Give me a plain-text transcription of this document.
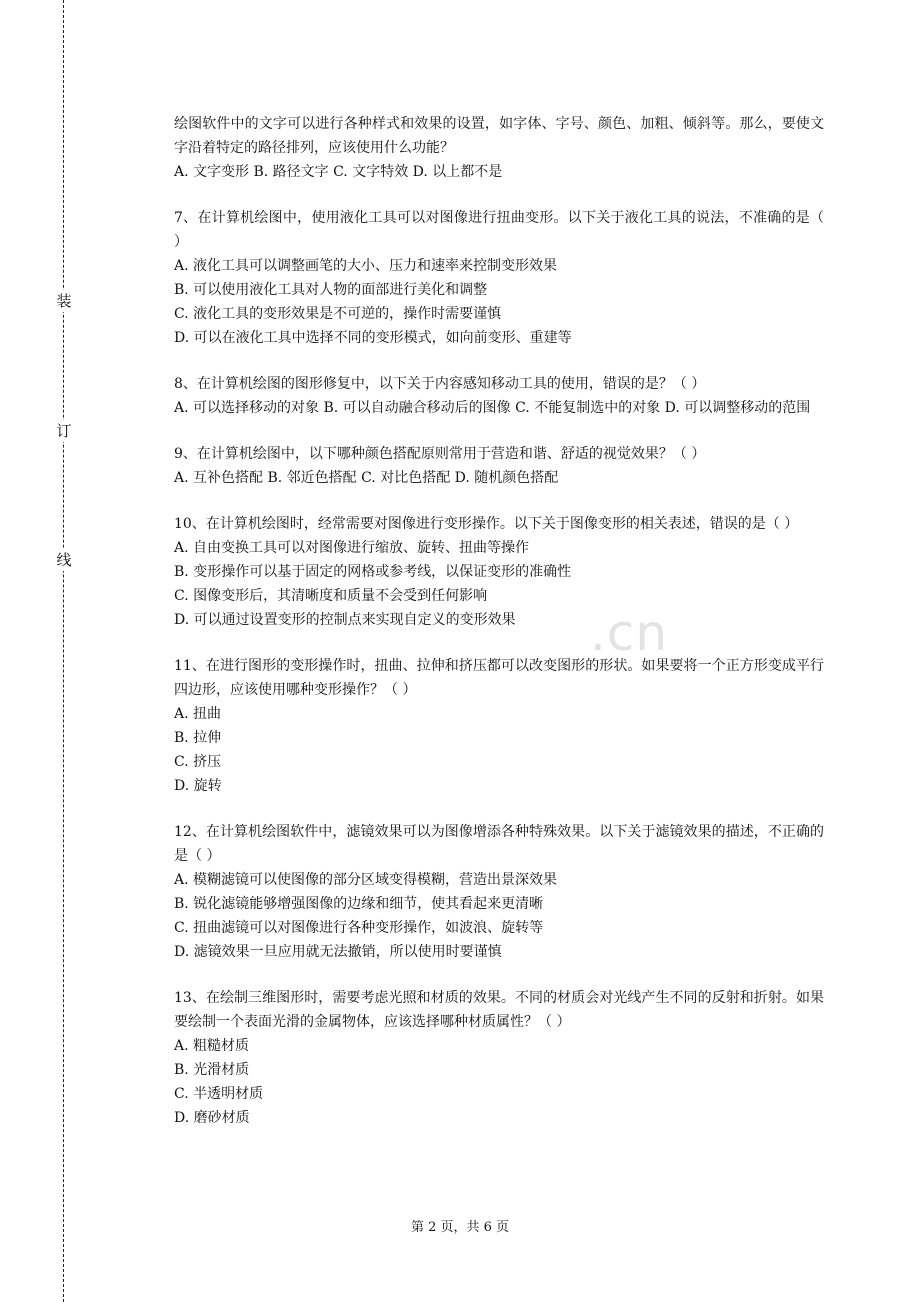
装
订
线
.cn

绘图软件中的文字可以进行各种样式和效果的设置，如字体、字号、颜色、加粗、倾斜等。那么，要使文字沿着特定的路径排列，应该使用什么功能？

A. 文字变形 B. 路径文字 C. 文字特效 D. 以上都不是

7、在计算机绘图中，使用液化工具可以对图像进行扭曲变形。以下关于液化工具的说法，不准确的是（ ）

A. 液化工具可以调整画笔的大小、压力和速率来控制变形效果

B. 可以使用液化工具对人物的面部进行美化和调整

C. 液化工具的变形效果是不可逆的，操作时需要谨慎

D. 可以在液化工具中选择不同的变形模式，如向前变形、重建等

8、在计算机绘图的图形修复中，以下关于内容感知移动工具的使用，错误的是？（ ）

A. 可以选择移动的对象 B. 可以自动融合移动后的图像 C. 不能复制选中的对象 D. 可以调整移动的范围

9、在计算机绘图中，以下哪种颜色搭配原则常用于营造和谐、舒适的视觉效果？（ ）

A. 互补色搭配 B. 邻近色搭配 C. 对比色搭配 D. 随机颜色搭配

10、在计算机绘图时，经常需要对图像进行变形操作。以下关于图像变形的相关表述，错误的是（ ）

A. 自由变换工具可以对图像进行缩放、旋转、扭曲等操作

B. 变形操作可以基于固定的网格或参考线，以保证变形的准确性

C. 图像变形后，其清晰度和质量不会受到任何影响

D. 可以通过设置变形的控制点来实现自定义的变形效果

11、在进行图形的变形操作时，扭曲、拉伸和挤压都可以改变图形的形状。如果要将一个正方形变成平行四边形，应该使用哪种变形操作？（ ）

A. 扭曲

B. 拉伸

C. 挤压

D. 旋转

12、在计算机绘图软件中，滤镜效果可以为图像增添各种特殊效果。以下关于滤镜效果的描述，不正确的是（ ）

A. 模糊滤镜可以使图像的部分区域变得模糊，营造出景深效果

B. 锐化滤镜能够增强图像的边缘和细节，使其看起来更清晰

C. 扭曲滤镜可以对图像进行各种变形操作，如波浪、旋转等

D. 滤镜效果一旦应用就无法撤销，所以使用时要谨慎

13、在绘制三维图形时，需要考虑光照和材质的效果。不同的材质会对光线产生不同的反射和折射。如果要绘制一个表面光滑的金属物体，应该选择哪种材质属性？（ ）

A. 粗糙材质

B. 光滑材质

C. 半透明材质

D. 磨砂材质

第 2 页，共 6 页
